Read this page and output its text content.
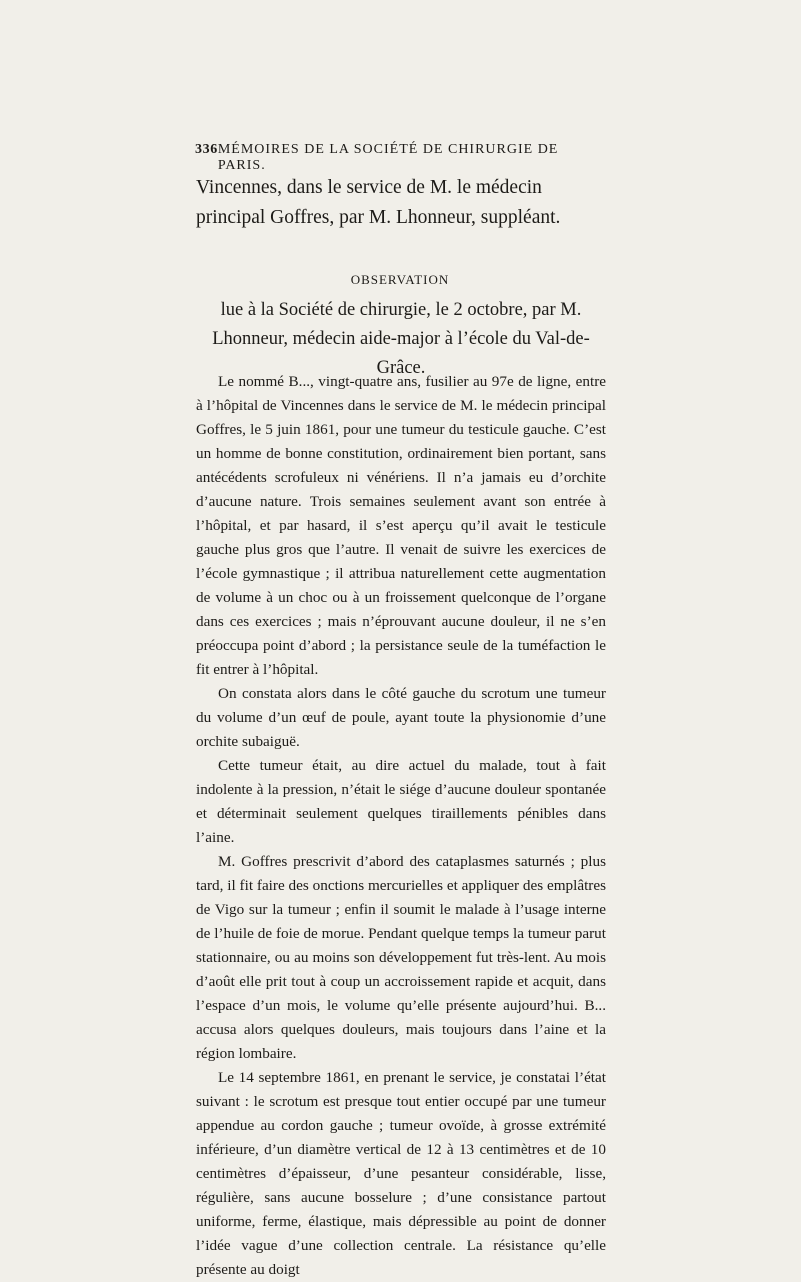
336 MÉMOIRES DE LA SOCIÉTÉ DE CHIRURGIE DE PARIS.

Vincennes, dans le service de M. le médecin principal Goffres, par M. Lhonneur, suppléant.

OBSERVATION

lue à la Société de chirurgie, le 2 octobre, par M. Lhonneur, médecin aide-major à l’école du Val-de-Grâce.

Le nommé B..., vingt-quatre ans, fusilier au 97e de ligne, entre à l’hôpital de Vincennes dans le service de M. le médecin principal Goffres, le 5 juin 1861, pour une tumeur du testicule gauche. C’est un homme de bonne constitution, ordinairement bien portant, sans antécédents scrofuleux ni vénériens. Il n’a jamais eu d’orchite d’aucune nature. Trois semaines seulement avant son entrée à l’hôpital, et par hasard, il s’est aperçu qu’il avait le testicule gauche plus gros que l’autre. Il venait de suivre les exercices de l’école gymnastique ; il attribua naturellement cette augmentation de volume à un choc ou à un froissement quelconque de l’organe dans ces exercices ; mais n’éprouvant aucune douleur, il ne s’en préoccupa point d’abord ; la persistance seule de la tuméfaction le fit entrer à l’hôpital.

On constata alors dans le côté gauche du scrotum une tumeur du volume d’un œuf de poule, ayant toute la physionomie d’une orchite subaiguë.

Cette tumeur était, au dire actuel du malade, tout à fait indolente à la pression, n’était le siége d’aucune douleur spontanée et déterminait seulement quelques tiraillements pénibles dans l’aine.

M. Goffres prescrivit d’abord des cataplasmes saturnés ; plus tard, il fit faire des onctions mercurielles et appliquer des emplâtres de Vigo sur la tumeur ; enfin il soumit le malade à l’usage interne de l’huile de foie de morue. Pendant quelque temps la tumeur parut stationnaire, ou au moins son développement fut très-lent. Au mois d’août elle prit tout à coup un accroissement rapide et acquit, dans l’espace d’un mois, le volume qu’elle présente aujourd’hui. B... accusa alors quelques douleurs, mais toujours dans l’aine et la région lombaire.

Le 14 septembre 1861, en prenant le service, je constatai l’état suivant : le scrotum est presque tout entier occupé par une tumeur appendue au cordon gauche ; tumeur ovoïde, à grosse extrémité inférieure, d’un diamètre vertical de 12 à 13 centimètres et de 10 centimètres d’épaisseur, d’une pesanteur considérable, lisse, régulière, sans aucune bosselure ; d’une consistance partout uniforme, ferme, élastique, mais dépressible au point de donner l’idée vague d’une collection centrale. La résistance qu’elle présente au doigt
